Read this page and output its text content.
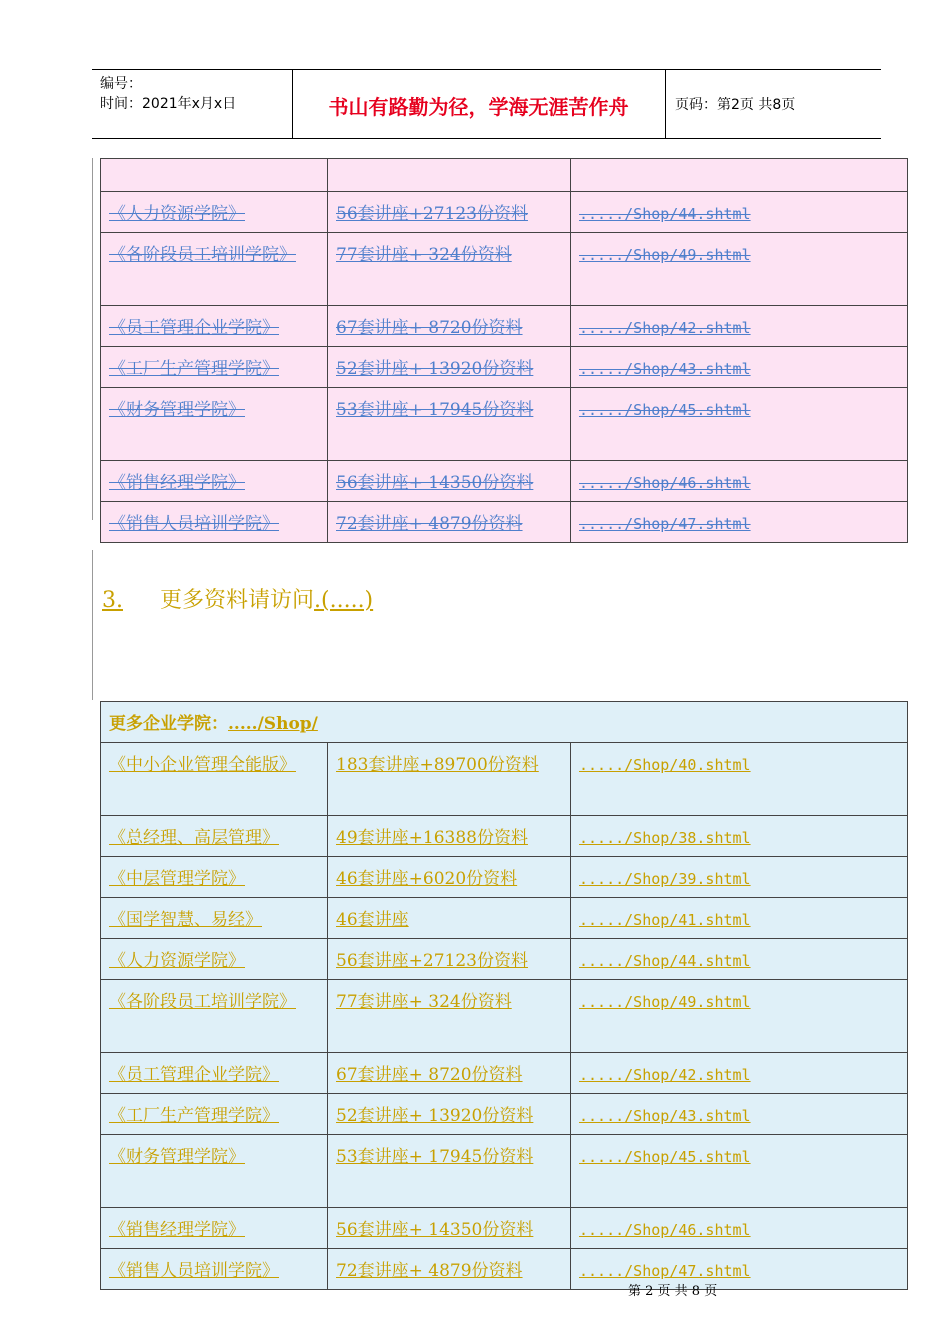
编号：
时间：2021年x月x日	书山有路勤为径，学海无涯苦作舟	页码：第2页 共8页

《人力资源学院》	56套讲座+27123份资料	...../Shop/44.shtml
《各阶段员工培训学院》	77套讲座+ 324份资料	...../Shop/49.shtml
《员工管理企业学院》	67套讲座+ 8720份资料	...../Shop/42.shtml
《工厂生产管理学院》	52套讲座+ 13920份资料	...../Shop/43.shtml
《财务管理学院》	53套讲座+ 17945份资料	...../Shop/45.shtml
《销售经理学院》	56套讲座+ 14350份资料	...../Shop/46.shtml
《销售人员培训学院》	72套讲座+ 4879份资料	...../Shop/47.shtml
3. 更多资料请访问.(.....)
更多企业学院：...../Shop/		
《中小企业管理全能版》	183套讲座+89700份资料	...../Shop/40.shtml
《总经理、高层管理》	49套讲座+16388份资料	...../Shop/38.shtml
《中层管理学院》	46套讲座+6020份资料	...../Shop/39.shtml
《国学智慧、易经》	46套讲座	...../Shop/41.shtml
《人力资源学院》	56套讲座+27123份资料	...../Shop/44.shtml
《各阶段员工培训学院》	77套讲座+ 324份资料	...../Shop/49.shtml
《员工管理企业学院》	67套讲座+ 8720份资料	...../Shop/42.shtml
《工厂生产管理学院》	52套讲座+ 13920份资料	...../Shop/43.shtml
《财务管理学院》	53套讲座+ 17945份资料	...../Shop/45.shtml
《销售经理学院》	56套讲座+ 14350份资料	...../Shop/46.shtml
《销售人员培训学院》	72套讲座+ 4879份资料	...../Shop/47.shtml
第 2 页 共 8 页
